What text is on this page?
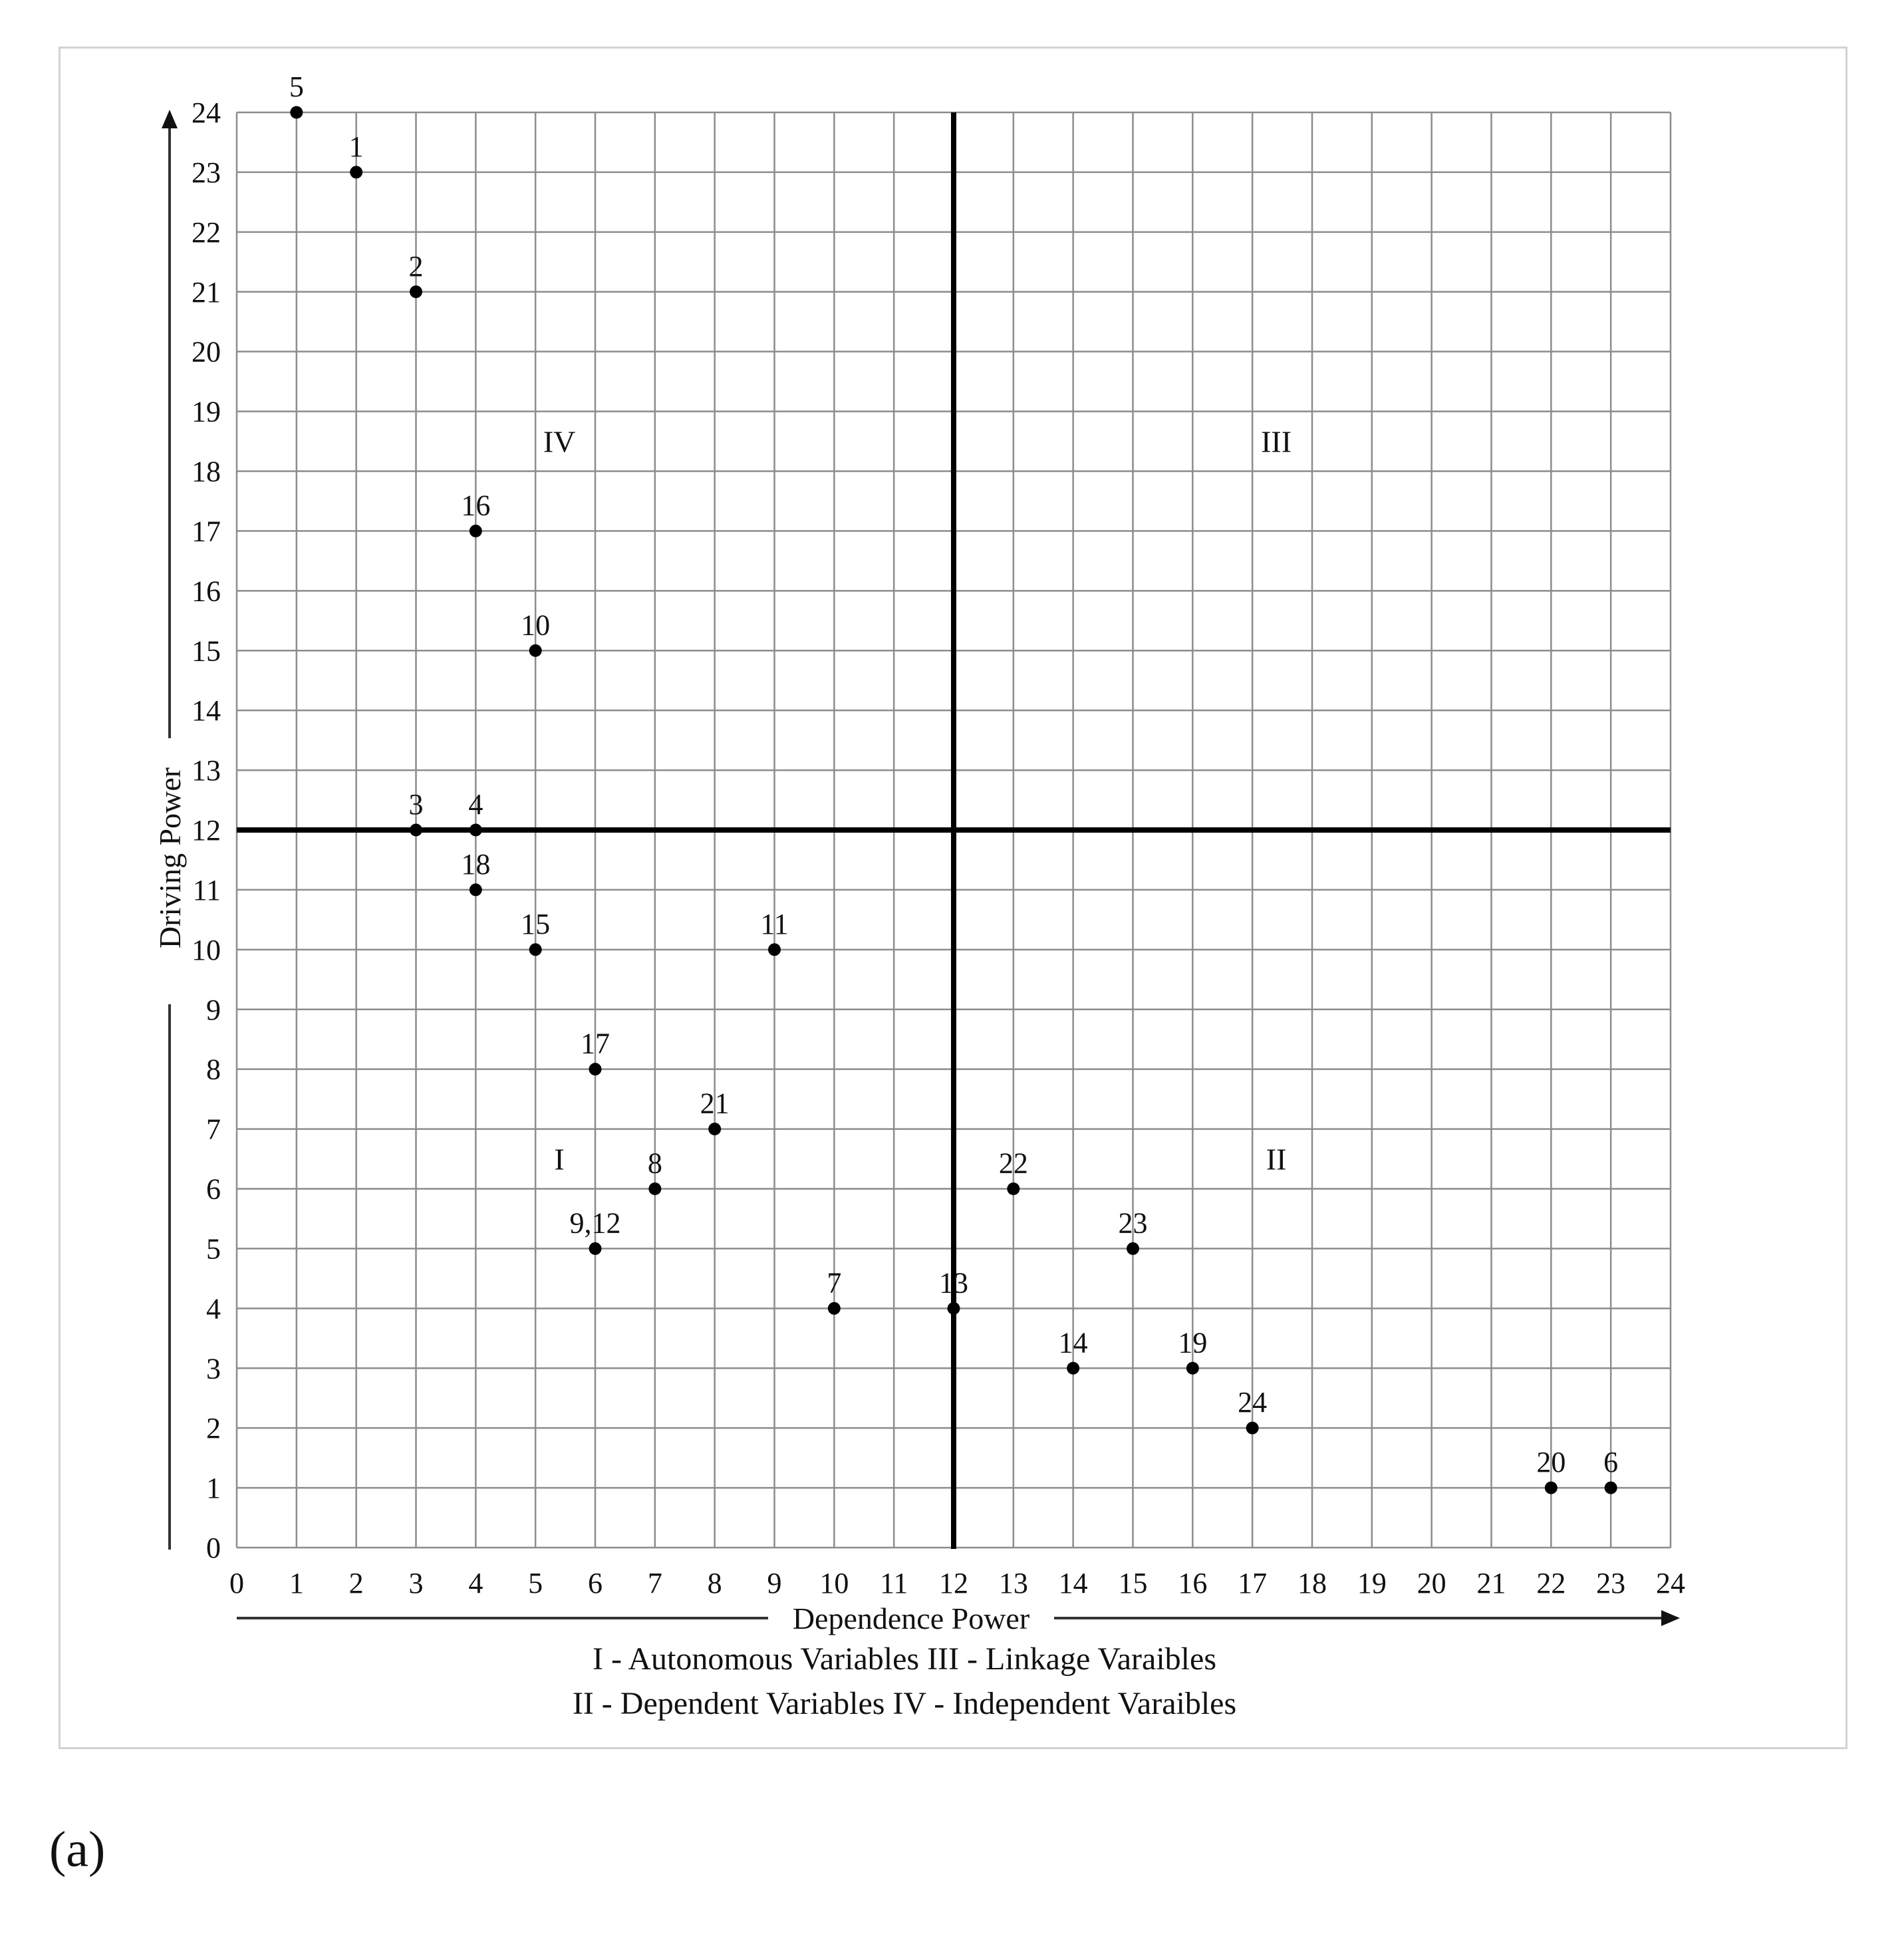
Dependence Power
Driving Power
0 1 2 3 4 5 6 7 8 9 10 11 12 13 14 15 16 17 18 19 20 21 22 23 24
0
1
2
3
4
5
6
7
8
9
10
11
12
13
14
15
16
17
18
19
20
21
22
23
24
5
1
2
16
10
3 4
18
15	11
17
21
8
9,12
7	13
22
23
14	19
24
20 6
IV	III
I	II
I - Autonomous Variables III - Linkage Varaibles
II - Dependent Variables IV - Independent Varaibles
(a)
